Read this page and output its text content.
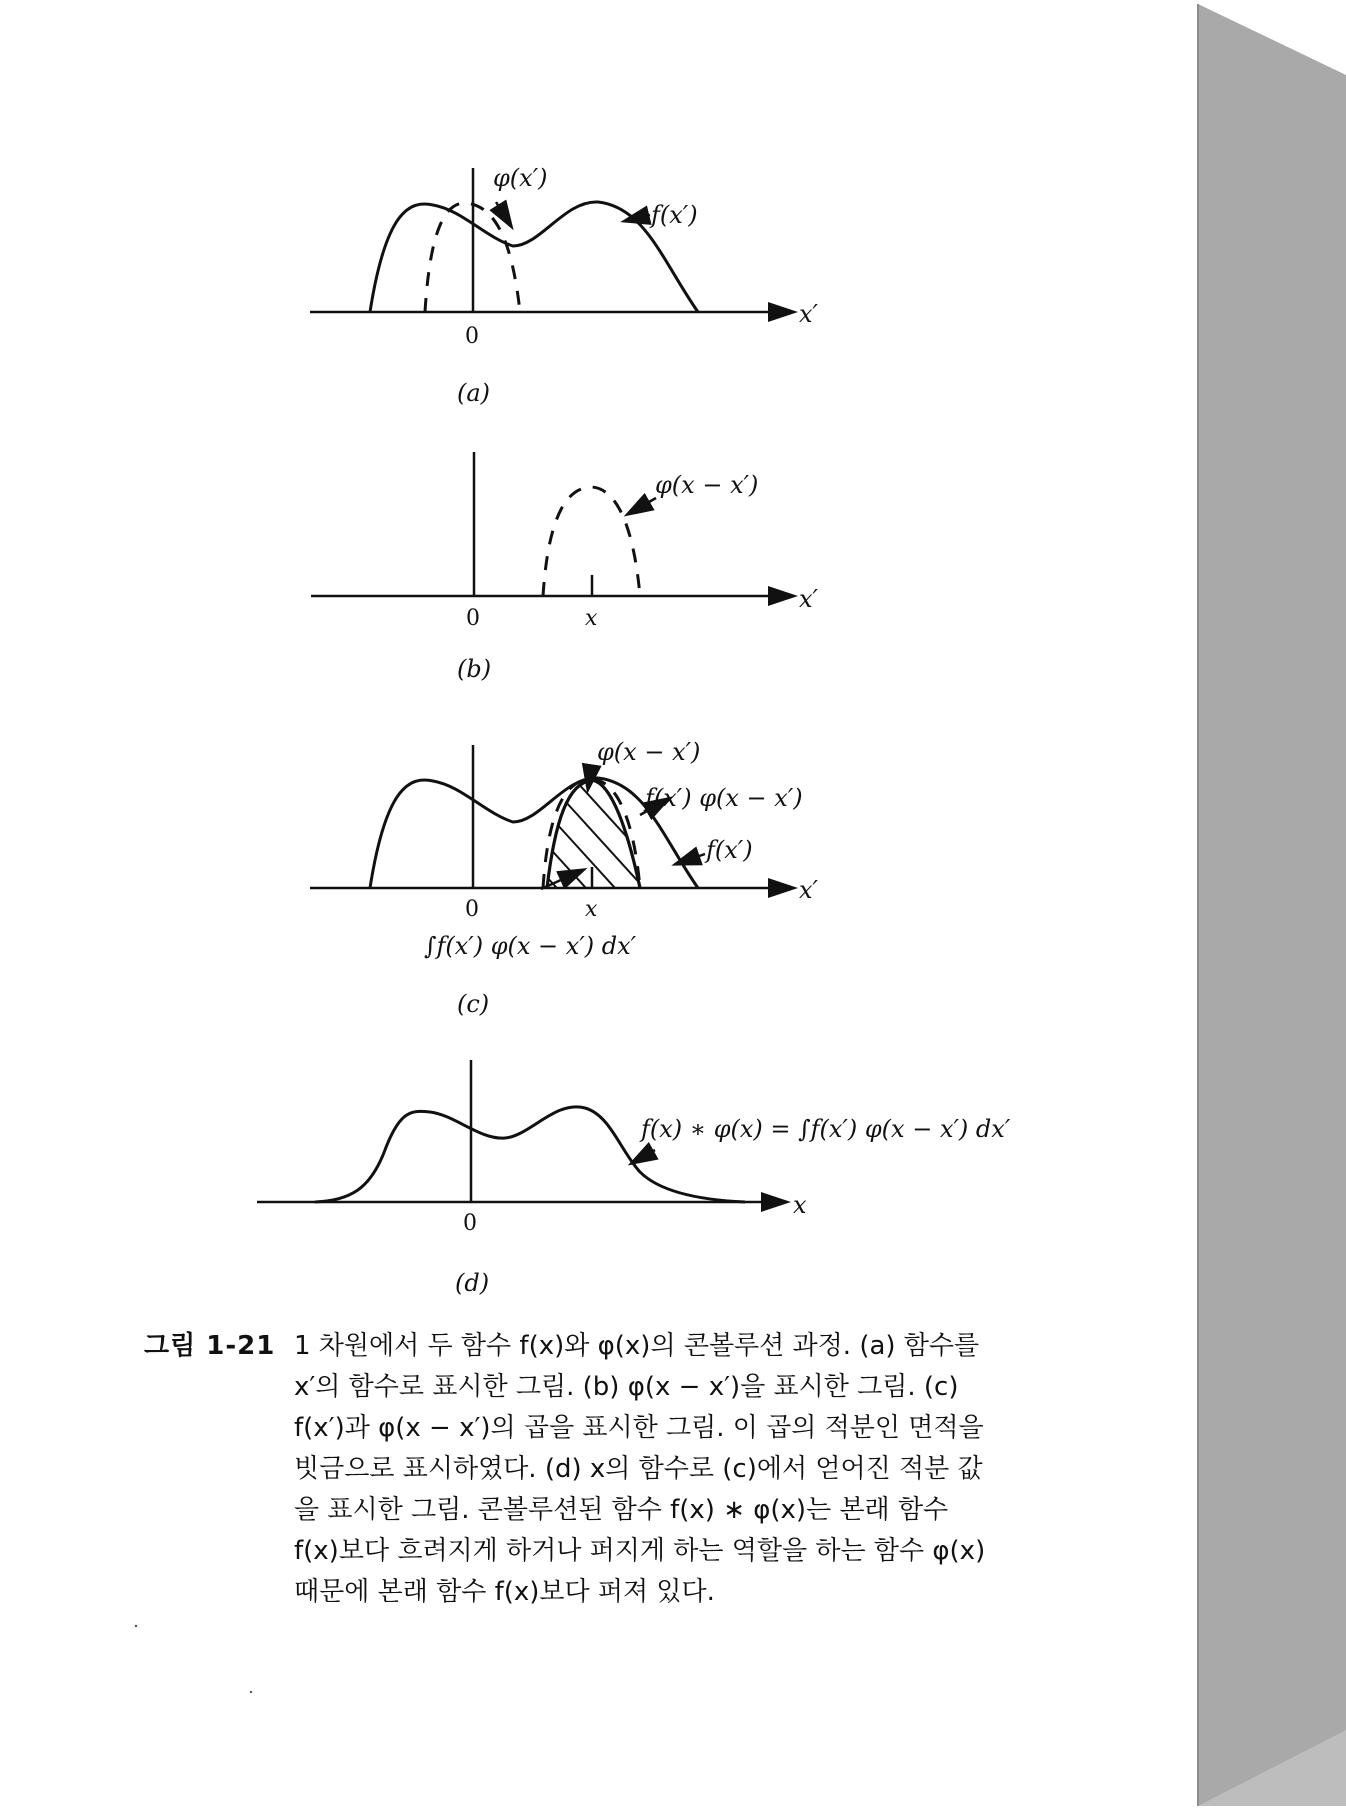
φ(x′)
f(x′)
0
x′
(a)
φ(x − x′)
0	x
x′
(b)
φ(x − x′)
f(x′) φ(x − x′)
f(x′)
∫f(x′) φ(x − x′) dx′
0	x
x′
(c)
f(x) ∗ φ(x) = ∫f(x′) φ(x − x′) dx′
0
x
(d)
그림 1-21 1 차원에서 두 함수 f(x)와 φ(x)의 콘볼루션 과정. (a) 함수를
x′의 함수로 표시한 그림. (b) φ(x − x′)을 표시한 그림. (c)
f(x′)과 φ(x − x′)의 곱을 표시한 그림. 이 곱의 적분인 면적을
빗금으로 표시하였다. (d) x의 함수로 (c)에서 얻어진 적분 값
을 표시한 그림. 콘볼루션된 함수 f(x) ∗ φ(x)는 본래 함수
f(x)보다 흐려지게 하거나 퍼지게 하는 역할을 하는 함수 φ(x)
때문에 본래 함수 f(x)보다 퍼져 있다.
